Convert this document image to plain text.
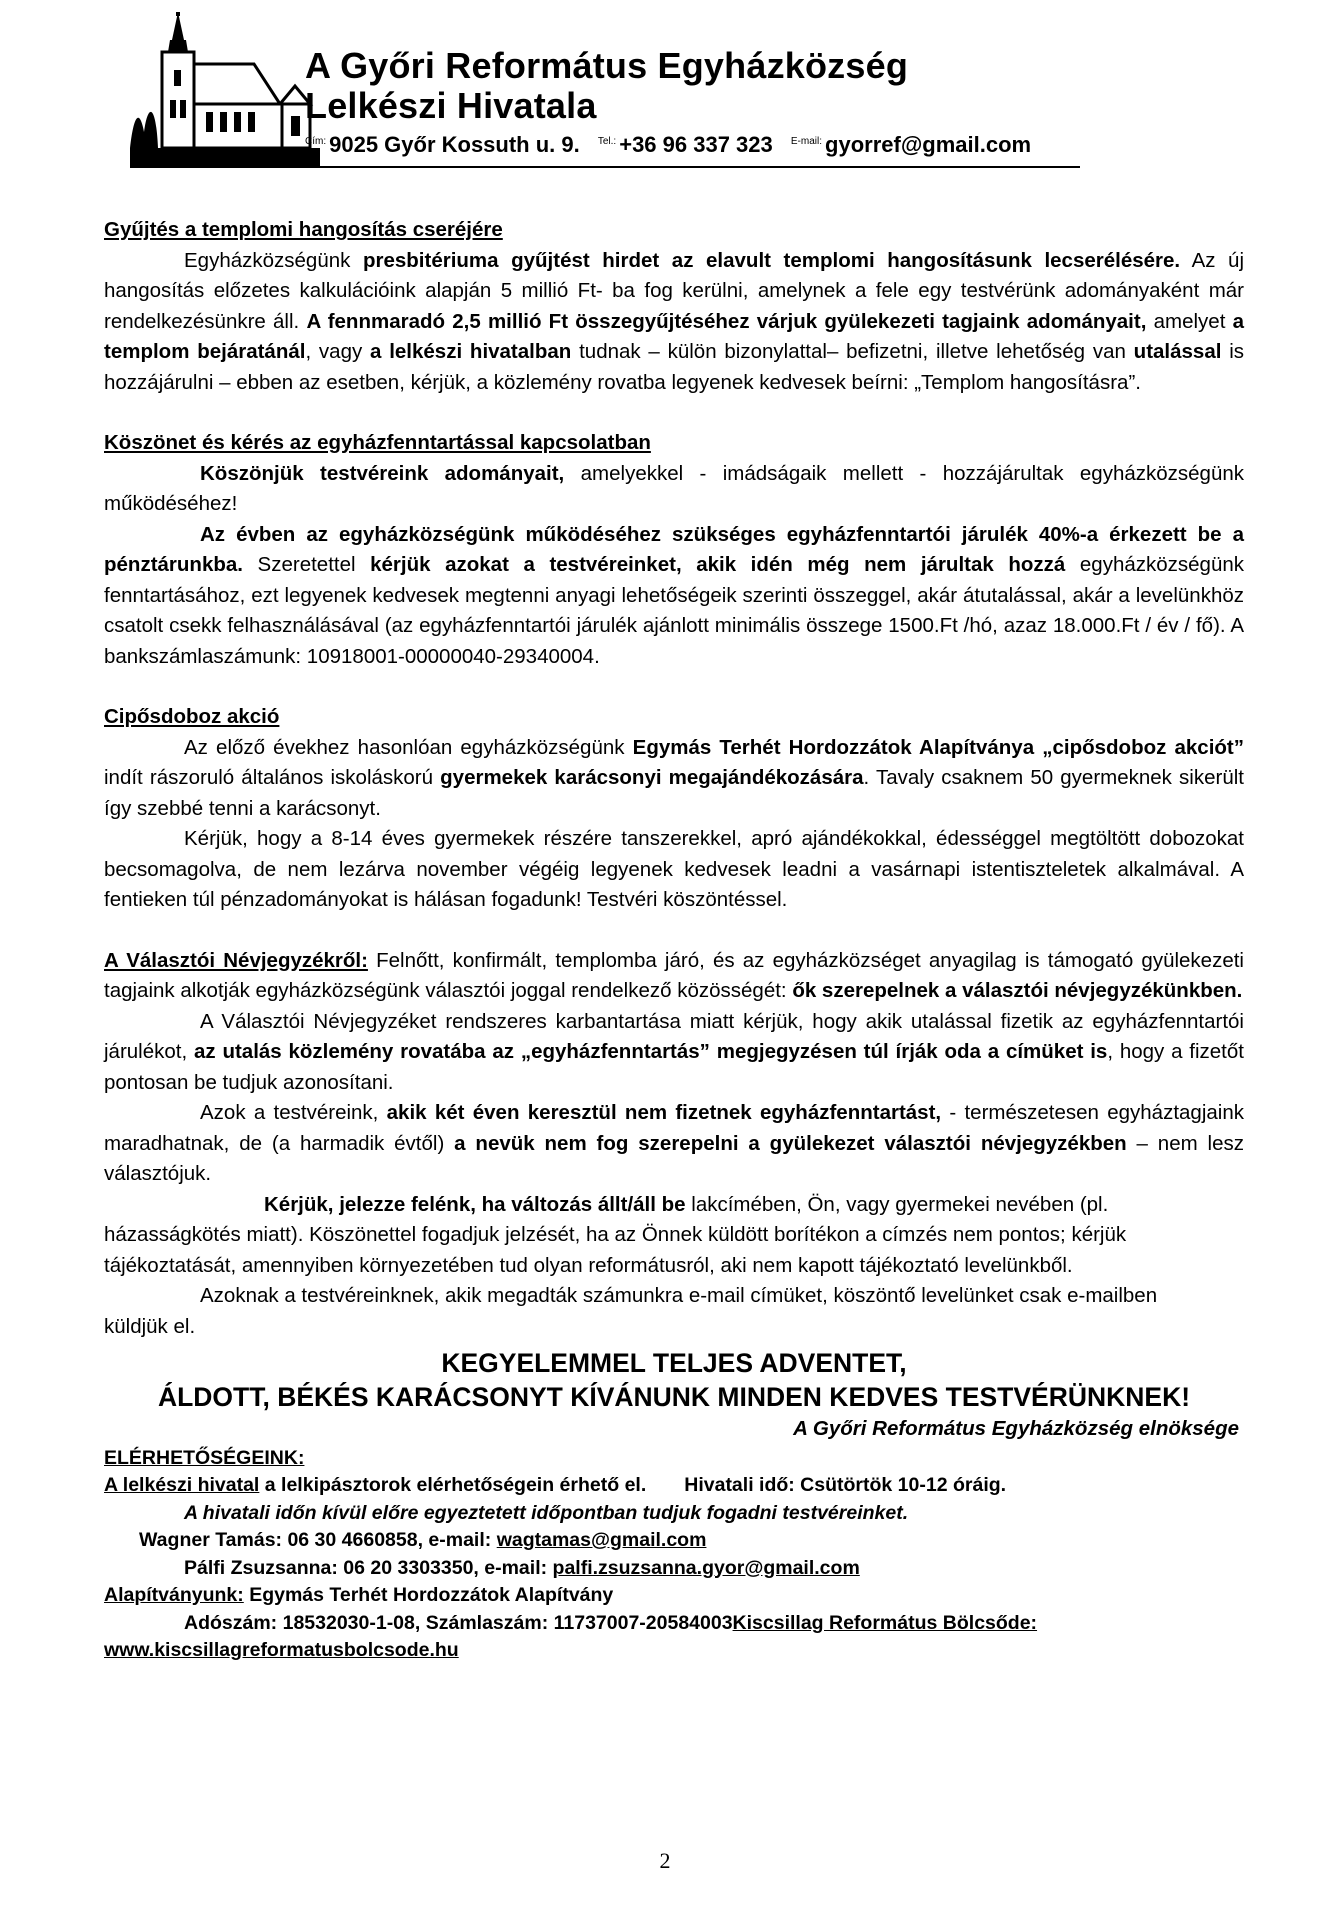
A Győri Református Egyházközség
Lelkészi Hivatala
$^{Cím:}$ 9025 Győr Kossuth u. 9. $^{Tel.:}$ +36 96 337 323 $^{E-mail:}$ gyorref@gmail.com

Gyűjtés a templomi hangosítás cseréjére

Egyházközségünk presbitériuma gyűjtést hirdet az elavult templomi hangosításunk lecserélésére. Az új hangosítás előzetes kalkulációink alapján 5 millió Ft- ba fog kerülni, amelynek a fele egy testvérünk adományaként már rendelkezésünkre áll. A fennmaradó 2,5 millió Ft összegyűjtéséhez várjuk gyülekezeti tagjaink adományait, amelyet a templom bejáratánál, vagy a lelkészi hivatalban tudnak – külön bizonylattal– befizetni, illetve lehetőség van utalással is hozzájárulni – ebben az esetben, kérjük, a közlemény rovatba legyenek kedvesek beírni: „Templom hangosításra”.

Köszönet és kérés az egyházfenntartással kapcsolatban

Köszönjük testvéreink adományait, amelyekkel - imádságaik mellett - hozzájárultak egyházközségünk működéséhez!

Az évben az egyházközségünk működéséhez szükséges egyházfenntartói járulék 40%-a érkezett be a pénztárunkba. Szeretettel kérjük azokat a testvéreinket, akik idén még nem járultak hozzá egyházközségünk fenntartásához, ezt legyenek kedvesek megtenni anyagi lehetőségeik szerinti összeggel, akár átutalással, akár a levelünkhöz csatolt csekk felhasználásával (az egyházfenntartói járulék ajánlott minimális összege 1500.Ft /hó, azaz 18.000.Ft / év / fő). A bankszámlaszámunk: 10918001-00000040-29340004.

Cipősdoboz akció

Az előző évekhez hasonlóan egyházközségünk Egymás Terhét Hordozzátok Alapítványa „cipősdoboz akciót” indít rászoruló általános iskoláskorú gyermekek karácsonyi megajándékozására. Tavaly csaknem 50 gyermeknek sikerült így szebbé tenni a karácsonyt.

Kérjük, hogy a 8-14 éves gyermekek részére tanszerekkel, apró ajándékokkal, édességgel megtöltött dobozokat becsomagolva, de nem lezárva november végéig legyenek kedvesek leadni a vasárnapi istentiszteletek alkalmával. A fentieken túl pénzadományokat is hálásan fogadunk! Testvéri köszöntéssel.

A Választói Névjegyzékről: Felnőtt, konfirmált, templomba járó, és az egyházközséget anyagilag is támogató gyülekezeti tagjaink alkotják egyházközségünk választói joggal rendelkező közösségét: ők szerepelnek a választói névjegyzékünkben.

A Választói Névjegyzéket rendszeres karbantartása miatt kérjük, hogy akik utalással fizetik az egyházfenntartói járulékot, az utalás közlemény rovatába az „egyházfenntartás” megjegyzésen túl írják oda a címüket is, hogy a fizetőt pontosan be tudjuk azonosítani.

Azok a testvéreink, akik két éven keresztül nem fizetnek egyházfenntartást, - természetesen egyháztagjaink maradhatnak, de (a harmadik évtől) a nevük nem fog szerepelni a gyülekezet választói névjegyzékben – nem lesz választójuk.

Kérjük, jelezze felénk, ha változás állt/áll be lakcímében, Ön, vagy gyermekei nevében (pl. házasságkötés miatt). Köszönettel fogadjuk jelzését, ha az Önnek küldött borítékon a címzés nem pontos; kérjük tájékoztatását, amennyiben környezetében tud olyan reformátusról, aki nem kapott tájékoztató levelünkből.

Azoknak a testvéreinknek, akik megadták számunkra e-mail címüket, köszöntő levelünket csak e-mailben küldjük el.

KEGYELEMMEL TELJES ADVENTET,

ÁLDOTT, BÉKÉS KARÁCSONYT KÍVÁNUNK MINDEN KEDVES TESTVÉRÜNKNEK!

A Győri Református Egyházközség elnöksége

ELÉRHETŐSÉGEINK:

A lelkészi hivatal a lelkipásztorok elérhetőségein érhető el. Hivatali idő: Csütörtök 10-12 óráig.

A hivatali időn kívül előre egyeztetett időpontban tudjuk fogadni testvéreinket.

Wagner Tamás: 06 30 4660858, e-mail: wagtamas@gmail.com

Pálfi Zsuzsanna: 06 20 3303350, e-mail: palfi.zsuzsanna.gyor@gmail.com

Alapítványunk: Egymás Terhét Hordozzátok Alapítvány

Adószám: 18532030-1-08, Számlaszám: 11737007-20584003Kiscsillag Református Bölcsőde:

www.kiscsillagreformatusbolcsode.hu

2
